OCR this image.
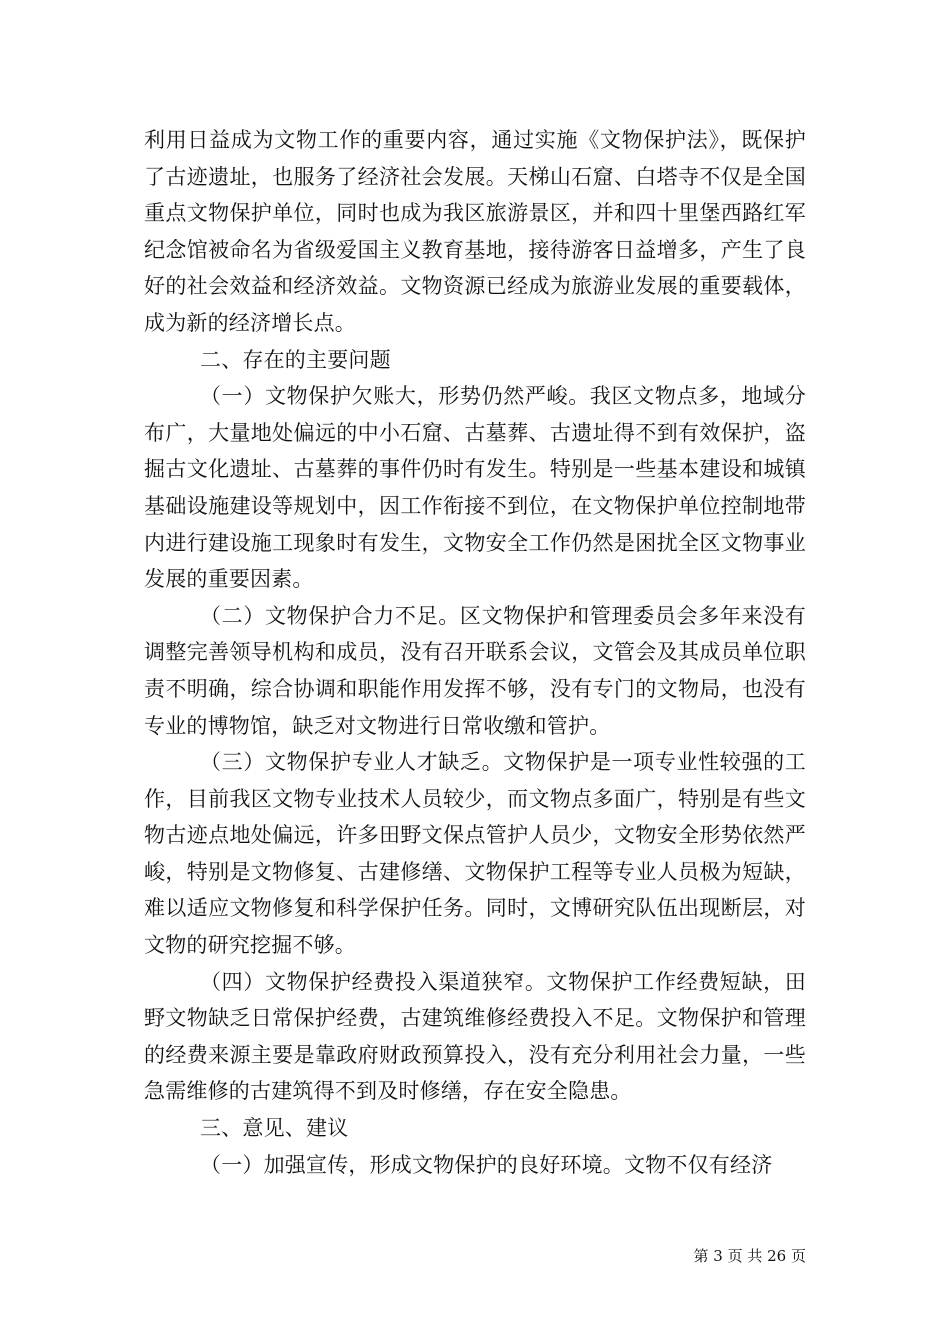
利用日益成为文物工作的重要内容，通过实施《文物保护法》，既保护了古迹遗址，也服务了经济社会发展。天梯山石窟、白塔寺不仅是全国重点文物保护单位，同时也成为我区旅游景区，并和四十里堡西路红军纪念馆被命名为省级爱国主义教育基地，接待游客日益增多，产生了良好的社会效益和经济效益。文物资源已经成为旅游业发展的重要载体，成为新的经济增长点。

二、存在的主要问题

（一）文物保护欠账大，形势仍然严峻。我区文物点多，地域分布广，大量地处偏远的中小石窟、古墓葬、古遗址得不到有效保护，盗掘古文化遗址、古墓葬的事件仍时有发生。特别是一些基本建设和城镇基础设施建设等规划中，因工作衔接不到位，在文物保护单位控制地带内进行建设施工现象时有发生，文物安全工作仍然是困扰全区文物事业发展的重要因素。

（二）文物保护合力不足。区文物保护和管理委员会多年来没有调整完善领导机构和成员，没有召开联系会议，文管会及其成员单位职责不明确，综合协调和职能作用发挥不够，没有专门的文物局，也没有专业的博物馆，缺乏对文物进行日常收缴和管护。

（三）文物保护专业人才缺乏。文物保护是一项专业性较强的工作，目前我区文物专业技术人员较少，而文物点多面广，特别是有些文物古迹点地处偏远，许多田野文保点管护人员少，文物安全形势依然严峻，特别是文物修复、古建修缮、文物保护工程等专业人员极为短缺，难以适应文物修复和科学保护任务。同时，文博研究队伍出现断层，对文物的研究挖掘不够。

（四）文物保护经费投入渠道狭窄。文物保护工作经费短缺，田野文物缺乏日常保护经费，古建筑维修经费投入不足。文物保护和管理的经费来源主要是靠政府财政预算投入，没有充分利用社会力量，一些急需维修的古建筑得不到及时修缮，存在安全隐患。

三、意见、建议

（一）加强宣传，形成文物保护的良好环境。文物不仅有经济

第 3 页 共 26 页
